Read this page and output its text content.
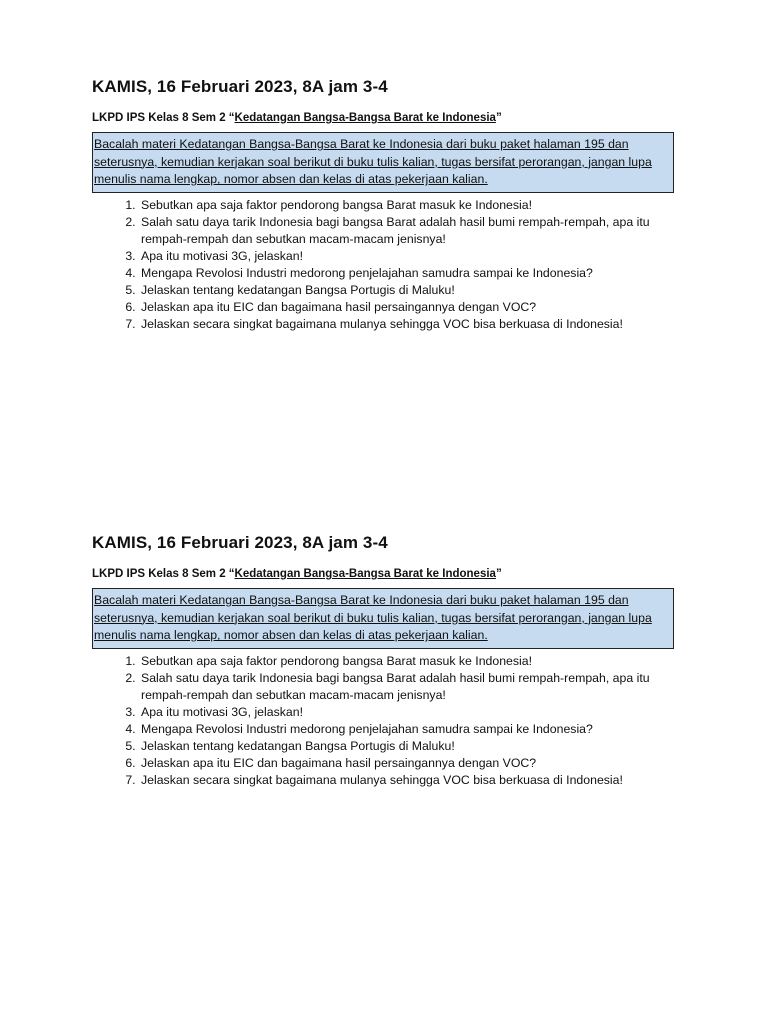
KAMIS, 16 Februari 2023, 8A jam 3-4
LKPD IPS Kelas 8 Sem 2 “Kedatangan Bangsa-Bangsa Barat ke Indonesia”
Bacalah materi Kedatangan Bangsa-Bangsa Barat ke Indonesia dari buku paket halaman 195 dan seterusnya, kemudian kerjakan soal berikut di buku tulis kalian, tugas bersifat perorangan, jangan lupa menulis nama lengkap, nomor absen dan kelas di atas pekerjaan kalian.
1. Sebutkan apa saja faktor pendorong bangsa Barat masuk ke Indonesia!
2. Salah satu daya tarik Indonesia bagi bangsa Barat adalah hasil bumi rempah-rempah, apa itu rempah-rempah dan sebutkan macam-macam jenisnya!
3. Apa itu motivasi 3G, jelaskan!
4. Mengapa Revolosi Industri medorong penjelajahan samudra sampai ke Indonesia?
5. Jelaskan tentang kedatangan Bangsa Portugis di Maluku!
6. Jelaskan apa itu EIC dan bagaimana hasil persaingannya dengan VOC?
7. Jelaskan secara singkat bagaimana mulanya sehingga VOC bisa berkuasa di Indonesia!
KAMIS, 16 Februari 2023, 8A jam 3-4
LKPD IPS Kelas 8 Sem 2 “Kedatangan Bangsa-Bangsa Barat ke Indonesia”
Bacalah materi Kedatangan Bangsa-Bangsa Barat ke Indonesia dari buku paket halaman 195 dan seterusnya, kemudian kerjakan soal berikut di buku tulis kalian, tugas bersifat perorangan, jangan lupa menulis nama lengkap, nomor absen dan kelas di atas pekerjaan kalian.
1. Sebutkan apa saja faktor pendorong bangsa Barat masuk ke Indonesia!
2. Salah satu daya tarik Indonesia bagi bangsa Barat adalah hasil bumi rempah-rempah, apa itu rempah-rempah dan sebutkan macam-macam jenisnya!
3. Apa itu motivasi 3G, jelaskan!
4. Mengapa Revolosi Industri medorong penjelajahan samudra sampai ke Indonesia?
5. Jelaskan tentang kedatangan Bangsa Portugis di Maluku!
6. Jelaskan apa itu EIC dan bagaimana hasil persaingannya dengan VOC?
7. Jelaskan secara singkat bagaimana mulanya sehingga VOC bisa berkuasa di Indonesia!
